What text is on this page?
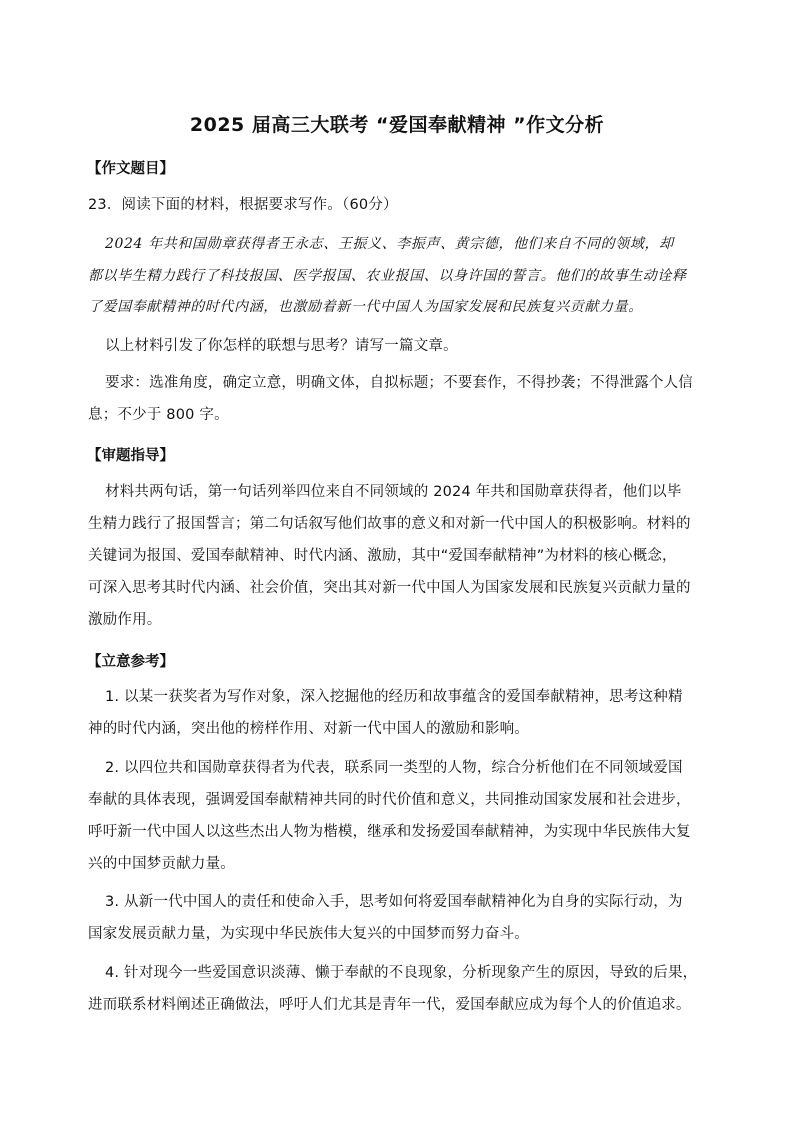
2025 届高三大联考 “爱国奉献精神 ”作文分析
【作文题目】
23．阅读下面的材料，根据要求写作。（60分）
2024 年共和国勋章获得者王永志、王振义、李振声、黄宗德，他们来自不同的领域，却
都以毕生精力践行了科技报国、医学报国、农业报国、以身许国的誓言。他们的故事生动诠释
了爱国奉献精神的时代内涵，也激励着新一代中国人为国家发展和民族复兴贡献力量。
以上材料引发了你怎样的联想与思考？请写一篇文章。
要求：选准角度，确定立意，明确文体，自拟标题；不要套作，不得抄袭；不得泄露个人信
息；不少于 800 字。
【审题指导】
材料共两句话，第一句话列举四位来自不同领域的 2024 年共和国勋章获得者，他们以毕
生精力践行了报国誓言；第二句话叙写他们故事的意义和对新一代中国人的积极影响。材料的
关键词为报国、爱国奉献精神、时代内涵、激励，其中“爱国奉献精神”为材料的核心概念，
可深入思考其时代内涵、社会价值，突出其对新一代中国人为国家发展和民族复兴贡献力量的
激励作用。
【立意参考】
1. 以某一获奖者为写作对象，深入挖掘他的经历和故事蕴含的爱国奉献精神，思考这种精
神的时代内涵，突出他的榜样作用、对新一代中国人的激励和影响。
2. 以四位共和国勋章获得者为代表，联系同一类型的人物，综合分析他们在不同领域爱国
奉献的具体表现，强调爱国奉献精神共同的时代价值和意义，共同推动国家发展和社会进步，
呼吁新一代中国人以这些杰出人物为楷模，继承和发扬爱国奉献精神，为实现中华民族伟大复
兴的中国梦贡献力量。
3. 从新一代中国人的责任和使命入手，思考如何将爱国奉献精神化为自身的实际行动，为
国家发展贡献力量，为实现中华民族伟大复兴的中国梦而努力奋斗。
4. 针对现今一些爱国意识淡薄、懒于奉献的不良现象，分析现象产生的原因，导致的后果，
进而联系材料阐述正确做法，呼吁人们尤其是青年一代，爱国奉献应成为每个人的价值追求。
